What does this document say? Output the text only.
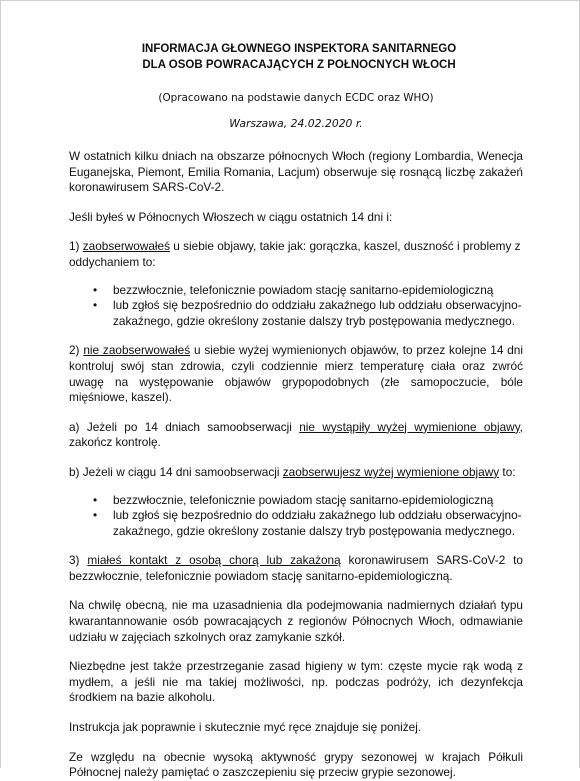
INFORMACJA GŁOWNEGO INSPEKTORA SANITARNEGO

DLA OSOB POWRACAJĄCYCH Z POŁNOCNYCH WŁOCH

(Opracowano na podstawie danych ECDC oraz WHO)
Warszawa, 24.02.2020 r.

W ostatnich kilku dniach na obszarze północnych Włoch (regiony Lombardia, Wenecja Euganejska, Piemont, Emilia Romania, Lacjum) obserwuje się rosnącą liczbę zakażeń koronawirusem SARS-CoV-2.

Jeśli byłeś w Północnych Włoszech w ciągu ostatnich 14 dni i:

1) zaobserwowałeś u siebie objawy, takie jak: gorączka, kaszel, duszność i problemy z oddychaniem to:

• bezzwłocznie, telefonicznie powiadom stację sanitarno-epidemiologiczną
• lub zgłoś się bezpośrednio do oddziału zakaźnego lub oddziału obserwacyjno-zakaźnego, gdzie określony zostanie dalszy tryb postępowania medycznego.

2) nie zaobserwowałeś u siebie wyżej wymienionych objawów, to przez kolejne 14 dni kontroluj swój stan zdrowia, czyli codziennie mierz temperaturę ciała oraz zwróć uwagę na występowanie objawów grypopodobnych (złe samopoczucie, bóle mięśniowe, kaszel).

a) Jeżeli po 14 dniach samoobserwacji nie wystąpiły wyżej wymienione objawy, zakończ kontrolę.

b) Jeżeli w ciągu 14 dni samoobserwacji zaobserwujesz wyżej wymienione objawy to:

• bezzwłocznie, telefonicznie powiadom stację sanitarno-epidemiologiczną
• lub zgłoś się bezpośrednio do oddziału zakaźnego lub oddziału obserwacyjno-zakaźnego, gdzie określony zostanie dalszy tryb postępowania medycznego.

3) miałeś kontakt z osobą chorą lub zakażoną koronawirusem SARS-CoV-2 to bezzwłocznie, telefonicznie powiadom stację sanitarno-epidemiologiczną.

Na chwilę obecną, nie ma uzasadnienia dla podejmowania nadmiernych działań typu kwarantannowanie osób powracających z regionów Północnych Włoch, odmawianie udziału w zajęciach szkolnych oraz zamykanie szkół.

Niezbędne jest także przestrzeganie zasad higieny w tym: częste mycie rąk wodą z mydłem, a jeśli nie ma takiej możliwości, np. podczas podróży, ich dezynfekcja środkiem na bazie alkoholu.

Instrukcja jak poprawnie i skutecznie myć ręce znajduje się poniżej.

Ze względu na obecnie wysoką aktywność grypy sezonowej w krajach Półkuli Północnej należy pamiętać o zaszczepieniu się przeciw grypie sezonowej.
